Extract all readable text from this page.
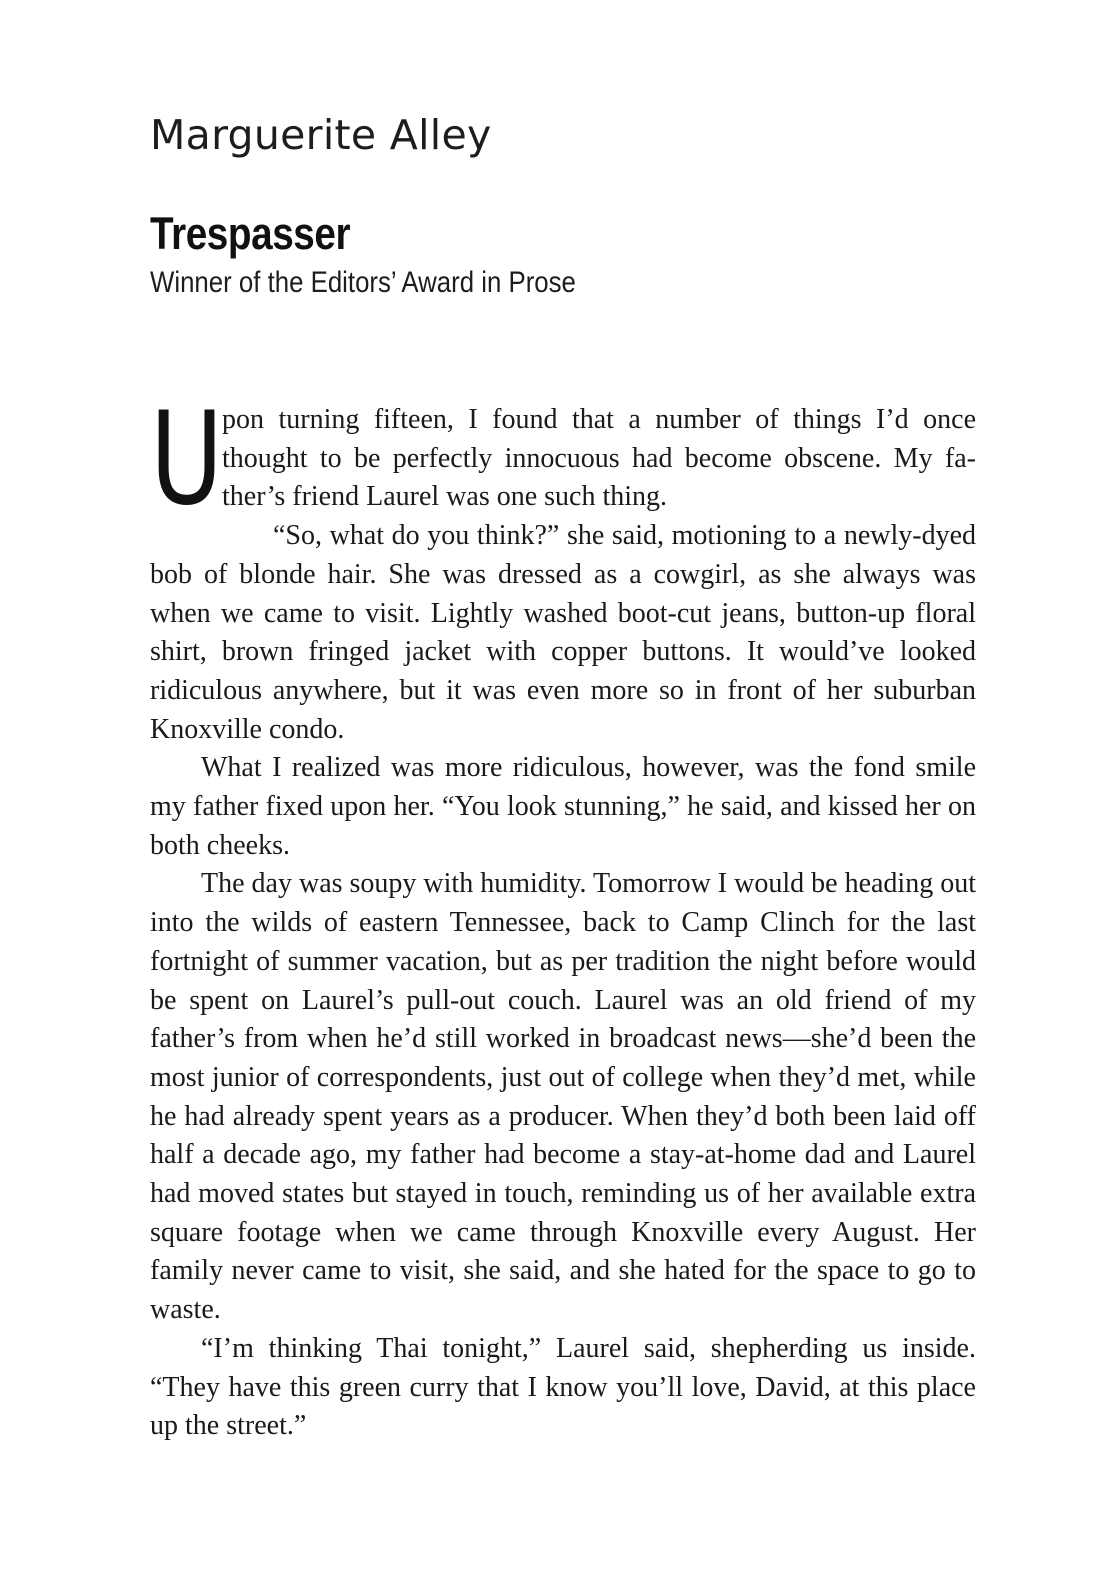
Marguerite Alley
Trespasser
Winner of the Editors’ Award in Prose

U
pon turning fifteen, I found that a number of things I’d once thought to be perfectly innocuous had become obscene. My father’s friend Laurel was one such thing.

“So, what do you think?” she said, motioning to a newly-dyed bob of blonde hair. She was dressed as a cowgirl, as she always was when we came to visit. Lightly washed boot-cut jeans, button-up floral shirt, brown fringed jacket with copper buttons. It would’ve looked ridiculous anywhere, but it was even more so in front of her suburban Knoxville condo.

What I realized was more ridiculous, however, was the fond smile my father fixed upon her. “You look stunning,” he said, and kissed her on both cheeks.

The day was soupy with humidity. Tomorrow I would be heading out into the wilds of eastern Tennessee, back to Camp Clinch for the last fortnight of summer vacation, but as per tradition the night before would be spent on Laurel’s pull-out couch. Laurel was an old friend of my father’s from when he’d still worked in broadcast news—she’d been the most junior of correspondents, just out of college when they’d met, while he had already spent years as a producer. When they’d both been laid off half a decade ago, my father had become a stay-at-home dad and Laurel had moved states but stayed in touch, reminding us of her available extra square footage when we came through Knoxville every August. Her family never came to visit, she said, and she hated for the space to go to waste.

“I’m thinking Thai tonight,” Laurel said, shepherding us inside. “They have this green curry that I know you’ll love, David, at this place up the street.”
